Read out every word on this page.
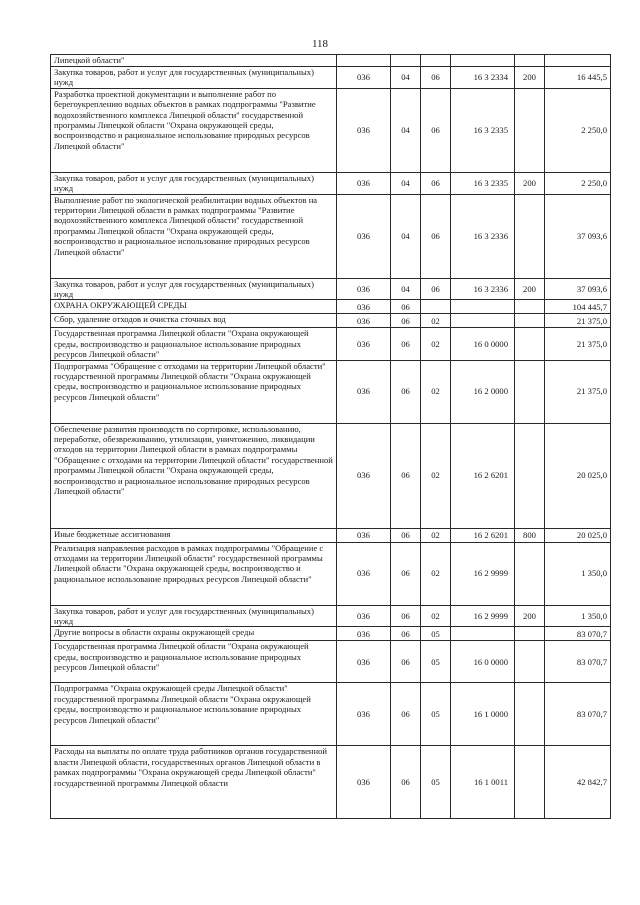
118
Липецкой области"						
Закупка товаров, работ и услуг для государственных (муниципальных) нужд	036	04	06	16 3 2334	200	16 445,5
Разработка проектной документации и выполнение работ по берегоукреплению водных объектов в рамках подпрограммы "Развитие водохозяйственного комплекса Липецкой области" государственной программы Липецкой области "Охрана окружающей среды, воспроизводство и рациональное использование природных ресурсов Липецкой области"	036	04	06	16 3 2335		2 250,0
Закупка товаров, работ и услуг для государственных (муниципальных) нужд	036	04	06	16 3 2335	200	2 250,0
Выполнение работ по экологической реабилитации водных объектов на территории Липецкой области в рамках подпрограммы "Развитие водохозяйственного комплекса Липецкой области" государственной программы Липецкой области "Охрана окружающей среды, воспроизводство и рациональное использование природных ресурсов Липецкой области"	036	04	06	16 3 2336		37 093,6
Закупка товаров, работ и услуг для государственных (муниципальных) нужд	036	04	06	16 3 2336	200	37 093,6
ОХРАНА ОКРУЖАЮЩЕЙ СРЕДЫ	036	06				104 445,7
Сбор, удаление отходов и очистка сточных вод	036	06	02			21 375,0
Государственная программа Липецкой области "Охрана окружающей среды, воспроизводство и рациональное использование природных ресурсов Липецкой области"	036	06	02	16 0 0000		21 375,0
Подпрограмма "Обращение с отходами на территории Липецкой области" государственной программы Липецкой области "Охрана окружающей среды, воспроизводство и рациональное использование природных ресурсов Липецкой области"	036	06	02	16 2 0000		21 375,0
Обеспечение развития производств по сортировке, использованию, переработке, обезвреживанию, утилизации, уничтожению, ликвидации отходов на территории Липецкой области в рамках подпрограммы "Обращение с отходами на территории Липецкой области" государственной программы Липецкой области "Охрана окружающей среды, воспроизводство и рациональное использование природных ресурсов Липецкой области"	036	06	02	16 2 6201		20 025,0
Иные бюджетные ассигнования	036	06	02	16 2 6201	800	20 025,0
Реализация направления расходов в рамках подпрограммы "Обращение с отходами на территории Липецкой области" государственной программы Липецкой области "Охрана окружающей среды, воспроизводство и рациональное использование природных ресурсов Липецкой области"	036	06	02	16 2 9999		1 350,0
Закупка товаров, работ и услуг для государственных (муниципальных) нужд	036	06	02	16 2 9999	200	1 350,0
Другие вопросы в области охраны окружающей среды	036	06	05			83 070,7
Государственная программа Липецкой области "Охрана окружающей среды, воспроизводство и рациональное использование природных ресурсов Липецкой области"	036	06	05	16 0 0000		83 070,7
Подпрограмма "Охрана окружающей среды Липецкой области" государственной программы Липецкой области "Охрана окружающей среды, воспроизводство и рациональное использование природных ресурсов Липецкой области"	036	06	05	16 1 0000		83 070,7
Расходы на выплаты по оплате труда работников органов государственной власти Липецкой области, государственных органов Липецкой области в рамках подпрограммы "Охрана окружающей среды Липецкой области" государственной программы Липецкой области	036	06	05	16 1 0011		42 842,7
